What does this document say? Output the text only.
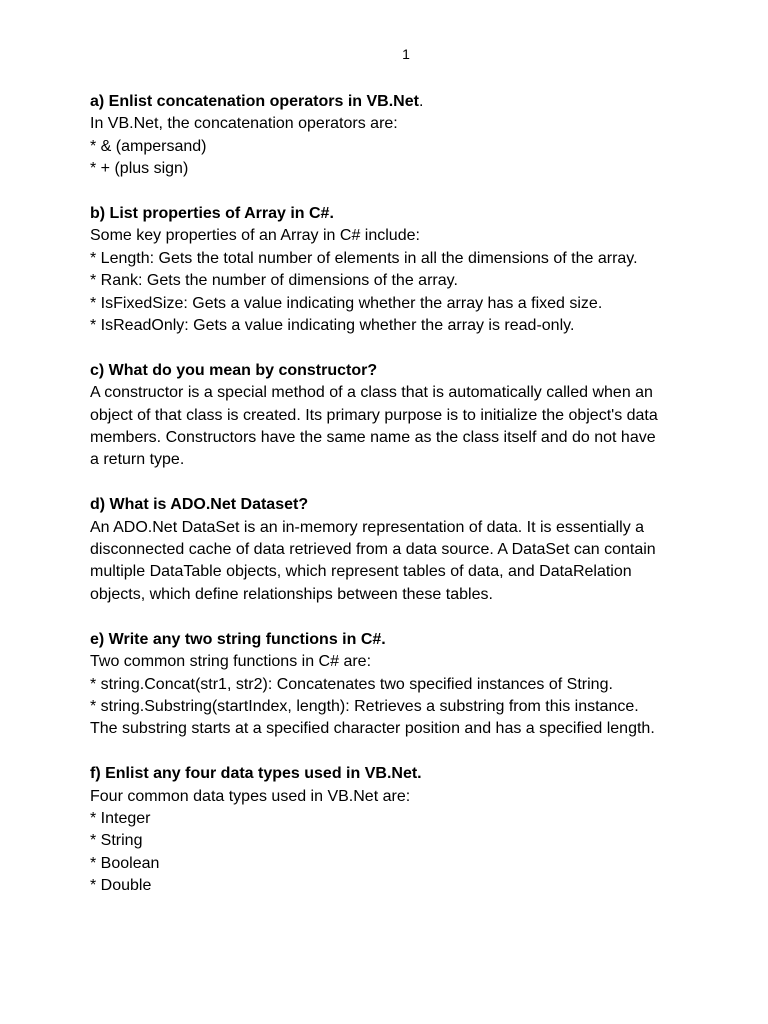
1

a) Enlist concatenation operators in VB.Net.

In VB.Net, the concatenation operators are:

* & (ampersand)

* + (plus sign)

b) List properties of Array in C#.

Some key properties of an Array in C# include:

* Length: Gets the total number of elements in all the dimensions of the array.

* Rank: Gets the number of dimensions of the array.

* IsFixedSize: Gets a value indicating whether the array has a fixed size.

* IsReadOnly: Gets a value indicating whether the array is read-only.

c) What do you mean by constructor?

A constructor is a special method of a class that is automatically called when an

object of that class is created. Its primary purpose is to initialize the object's data

members. Constructors have the same name as the class itself and do not have

a return type.

d) What is ADO.Net Dataset?

An ADO.Net DataSet is an in-memory representation of data. It is essentially a

disconnected cache of data retrieved from a data source. A DataSet can contain

multiple DataTable objects, which represent tables of data, and DataRelation

objects, which define relationships between these tables.

e) Write any two string functions in C#.

Two common string functions in C# are:

* string.Concat(str1, str2): Concatenates two specified instances of String.

* string.Substring(startIndex, length): Retrieves a substring from this instance.

The substring starts at a specified character position and has a specified length.

f) Enlist any four data types used in VB.Net.

Four common data types used in VB.Net are:

* Integer

* String

* Boolean

* Double
